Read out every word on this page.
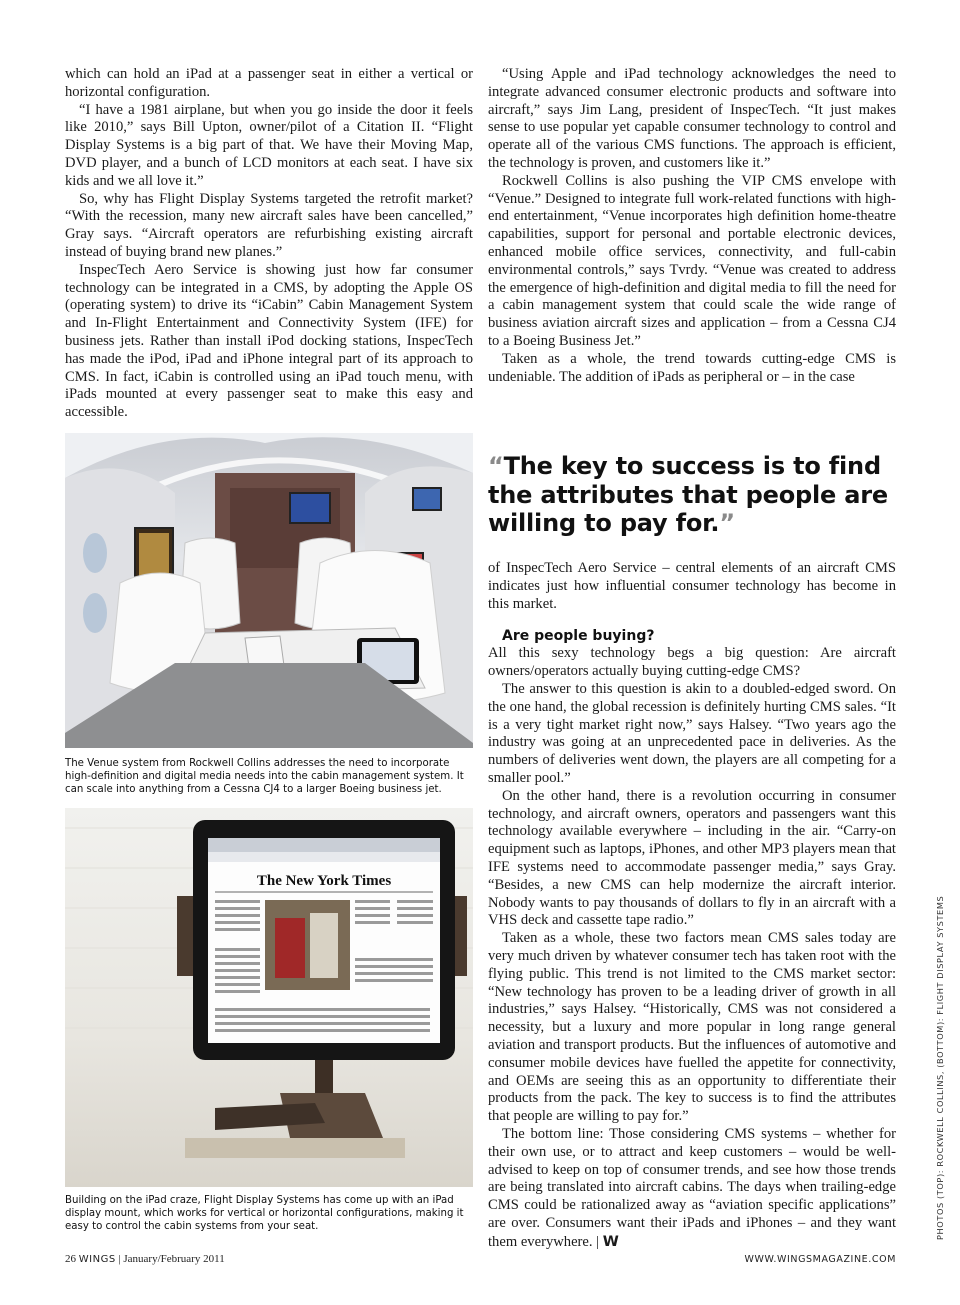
which can hold an iPad at a passenger seat in either a vertical or horizontal configuration.

“I have a 1981 airplane, but when you go inside the door it feels like 2010,” says Bill Upton, owner/pilot of a Citation II. “Flight Display Systems is a big part of that. We have their Moving Map, DVD player, and a bunch of LCD monitors at each seat. I have six kids and we all love it.”

So, why has Flight Display Systems targeted the retrofit market? “With the recession, many new aircraft sales have been cancelled,” Gray says. “Aircraft operators are refurbishing existing aircraft instead of buying brand new planes.”

InspecTech Aero Service is showing just how far consumer technology can be integrated in a CMS, by adopting the Apple OS (operating system) to drive its “iCabin” Cabin Management System and In-Flight Entertainment and Connectivity System (IFE) for business jets. Rather than install iPod docking stations, InspecTech has made the iPod, iPad and iPhone integral part of its approach to CMS. In fact, iCabin is controlled using an iPad touch menu, with iPads mounted at every passenger seat to make this easy and accessible.

“Using Apple and iPad technology acknowledges the need to integrate advanced consumer electronic products and software into aircraft,” says Jim Lang, president of InspecTech. “It just makes sense to use popular yet capable consumer technology to control and operate all of the various CMS functions. The approach is efficient, the technology is proven, and customers like it.”

Rockwell Collins is also pushing the VIP CMS envelope with “Venue.” Designed to integrate full work-related functions with high-end entertainment, “Venue incorporates high definition home-theatre capabilities, support for personal and portable electronic devices, enhanced mobile office services, connectivity, and full-cabin environmental controls,” says Tvrdy. “Venue was created to address the emergence of high-definition and digital media to fill the need for a cabin management system that could scale the wide range of business aviation aircraft sizes and application – from a Cessna CJ4 to a Boeing Business Jet.”

Taken as a whole, the trend towards cutting-edge CMS is undeniable. The addition of iPads as peripheral or – in the case

“The key to success is to find the attributes that people are willing to pay for.”

of InspecTech Aero Service – central elements of an aircraft CMS indicates just how influential consumer technology has become in this market.

Are people buying?

All this sexy technology begs a big question: Are aircraft owners/operators actually buying cutting-edge CMS?

The answer to this question is akin to a doubled-edged sword. On the one hand, the global recession is definitely hurting CMS sales. “It is a very tight market right now,” says Halsey. “Two years ago the industry was going at an unprecedented pace in deliveries. As the numbers of deliveries went down, the players are all competing for a smaller pool.”

On the other hand, there is a revolution occurring in consumer technology, and aircraft owners, operators and passengers want this technology available everywhere – including in the air. “Carry-on equipment such as laptops, iPhones, and other MP3 players mean that IFE systems need to accommodate passenger media,” says Gray. “Besides, a new CMS can help modernize the aircraft interior. Nobody wants to pay thousands of dollars to fly in an aircraft with a VHS deck and cassette tape radio.”

Taken as a whole, these two factors mean CMS sales today are very much driven by whatever consumer tech has taken root with the flying public. This trend is not limited to the CMS market sector: “New technology has proven to be a leading driver of growth in all industries,” says Halsey. “Historically, CMS was not considered a necessity, but a luxury and more popular in long range general aviation and transport products. But the influences of automotive and consumer mobile devices have fuelled the appetite for connectivity, and OEMs are seeing this as an opportunity to differentiate their products from the pack. The key to success is to find the attributes that people are willing to pay for.”

The bottom line: Those considering CMS systems – whether for their own use, or to attract and keep customers – would be well-advised to keep on top of consumer trends, and see how those trends are being translated into aircraft cabins. The days when trailing-edge CMS could be rationalized away as “aviation specific applications” are over. Consumers want their iPads and iPhones – and they want them everywhere. | W

The Venue system from Rockwell Collins addresses the need to incorporate high-definition and digital media needs into the cabin management system. It can scale into anything from a Cessna CJ4 to a larger Boeing business jet.
The New York Times
Building on the iPad craze, Flight Display Systems has come up with an iPad display mount, which works for vertical or horizontal configurations, making it easy to control the cabin systems from your seat.	PHOTOS (TOP): ROCKWELL COLLINS, (BOTTOM): FLIGHT DISPLAY SYSTEMS
26 WINGS | January/February 2011	WWW.WINGSMAGAZINE.COM
